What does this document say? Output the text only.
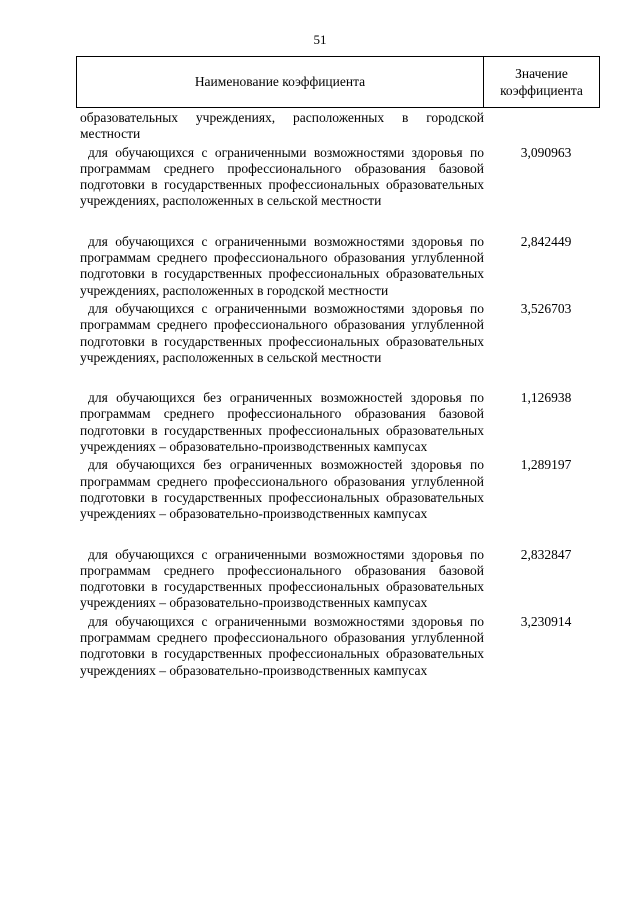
51
Наименование коэффициента
Значение
коэффициента
образовательных учреждениях, расположенных в городской местности
для обучающихся с ограниченными возможностями здоровья по программам среднего профессионального образования базовой подготовки в государственных профессиональных образовательных учреждениях, расположенных в сельской местности
3,090963
для обучающихся с ограниченными возможностями здоровья по программам среднего профессионального образования углубленной подготовки в государственных профессиональных образовательных учреждениях, расположенных в городской местности
2,842449
для обучающихся с ограниченными возможностями здоровья по программам среднего профессионального образования углубленной подготовки в государственных профессиональных образовательных учреждениях, расположенных в сельской местности
3,526703
для обучающихся без ограниченных возможностей здоровья по программам среднего профессионального образования базовой подготовки в государственных профессиональных образовательных учреждениях – образовательно-производственных кампусах
1,126938
для обучающихся без ограниченных возможностей здоровья по программам среднего профессионального образования углубленной подготовки в государственных профессиональных образовательных учреждениях – образовательно-производственных кампусах
1,289197
для обучающихся с ограниченными возможностями здоровья по программам среднего профессионального образования базовой подготовки в государственных профессиональных образовательных учреждениях – образовательно-производственных кампусах
2,832847
для обучающихся с ограниченными возможностями здоровья по программам среднего профессионального образования углубленной подготовки в государственных профессиональных образовательных учреждениях – образовательно-производственных кампусах
3,230914
